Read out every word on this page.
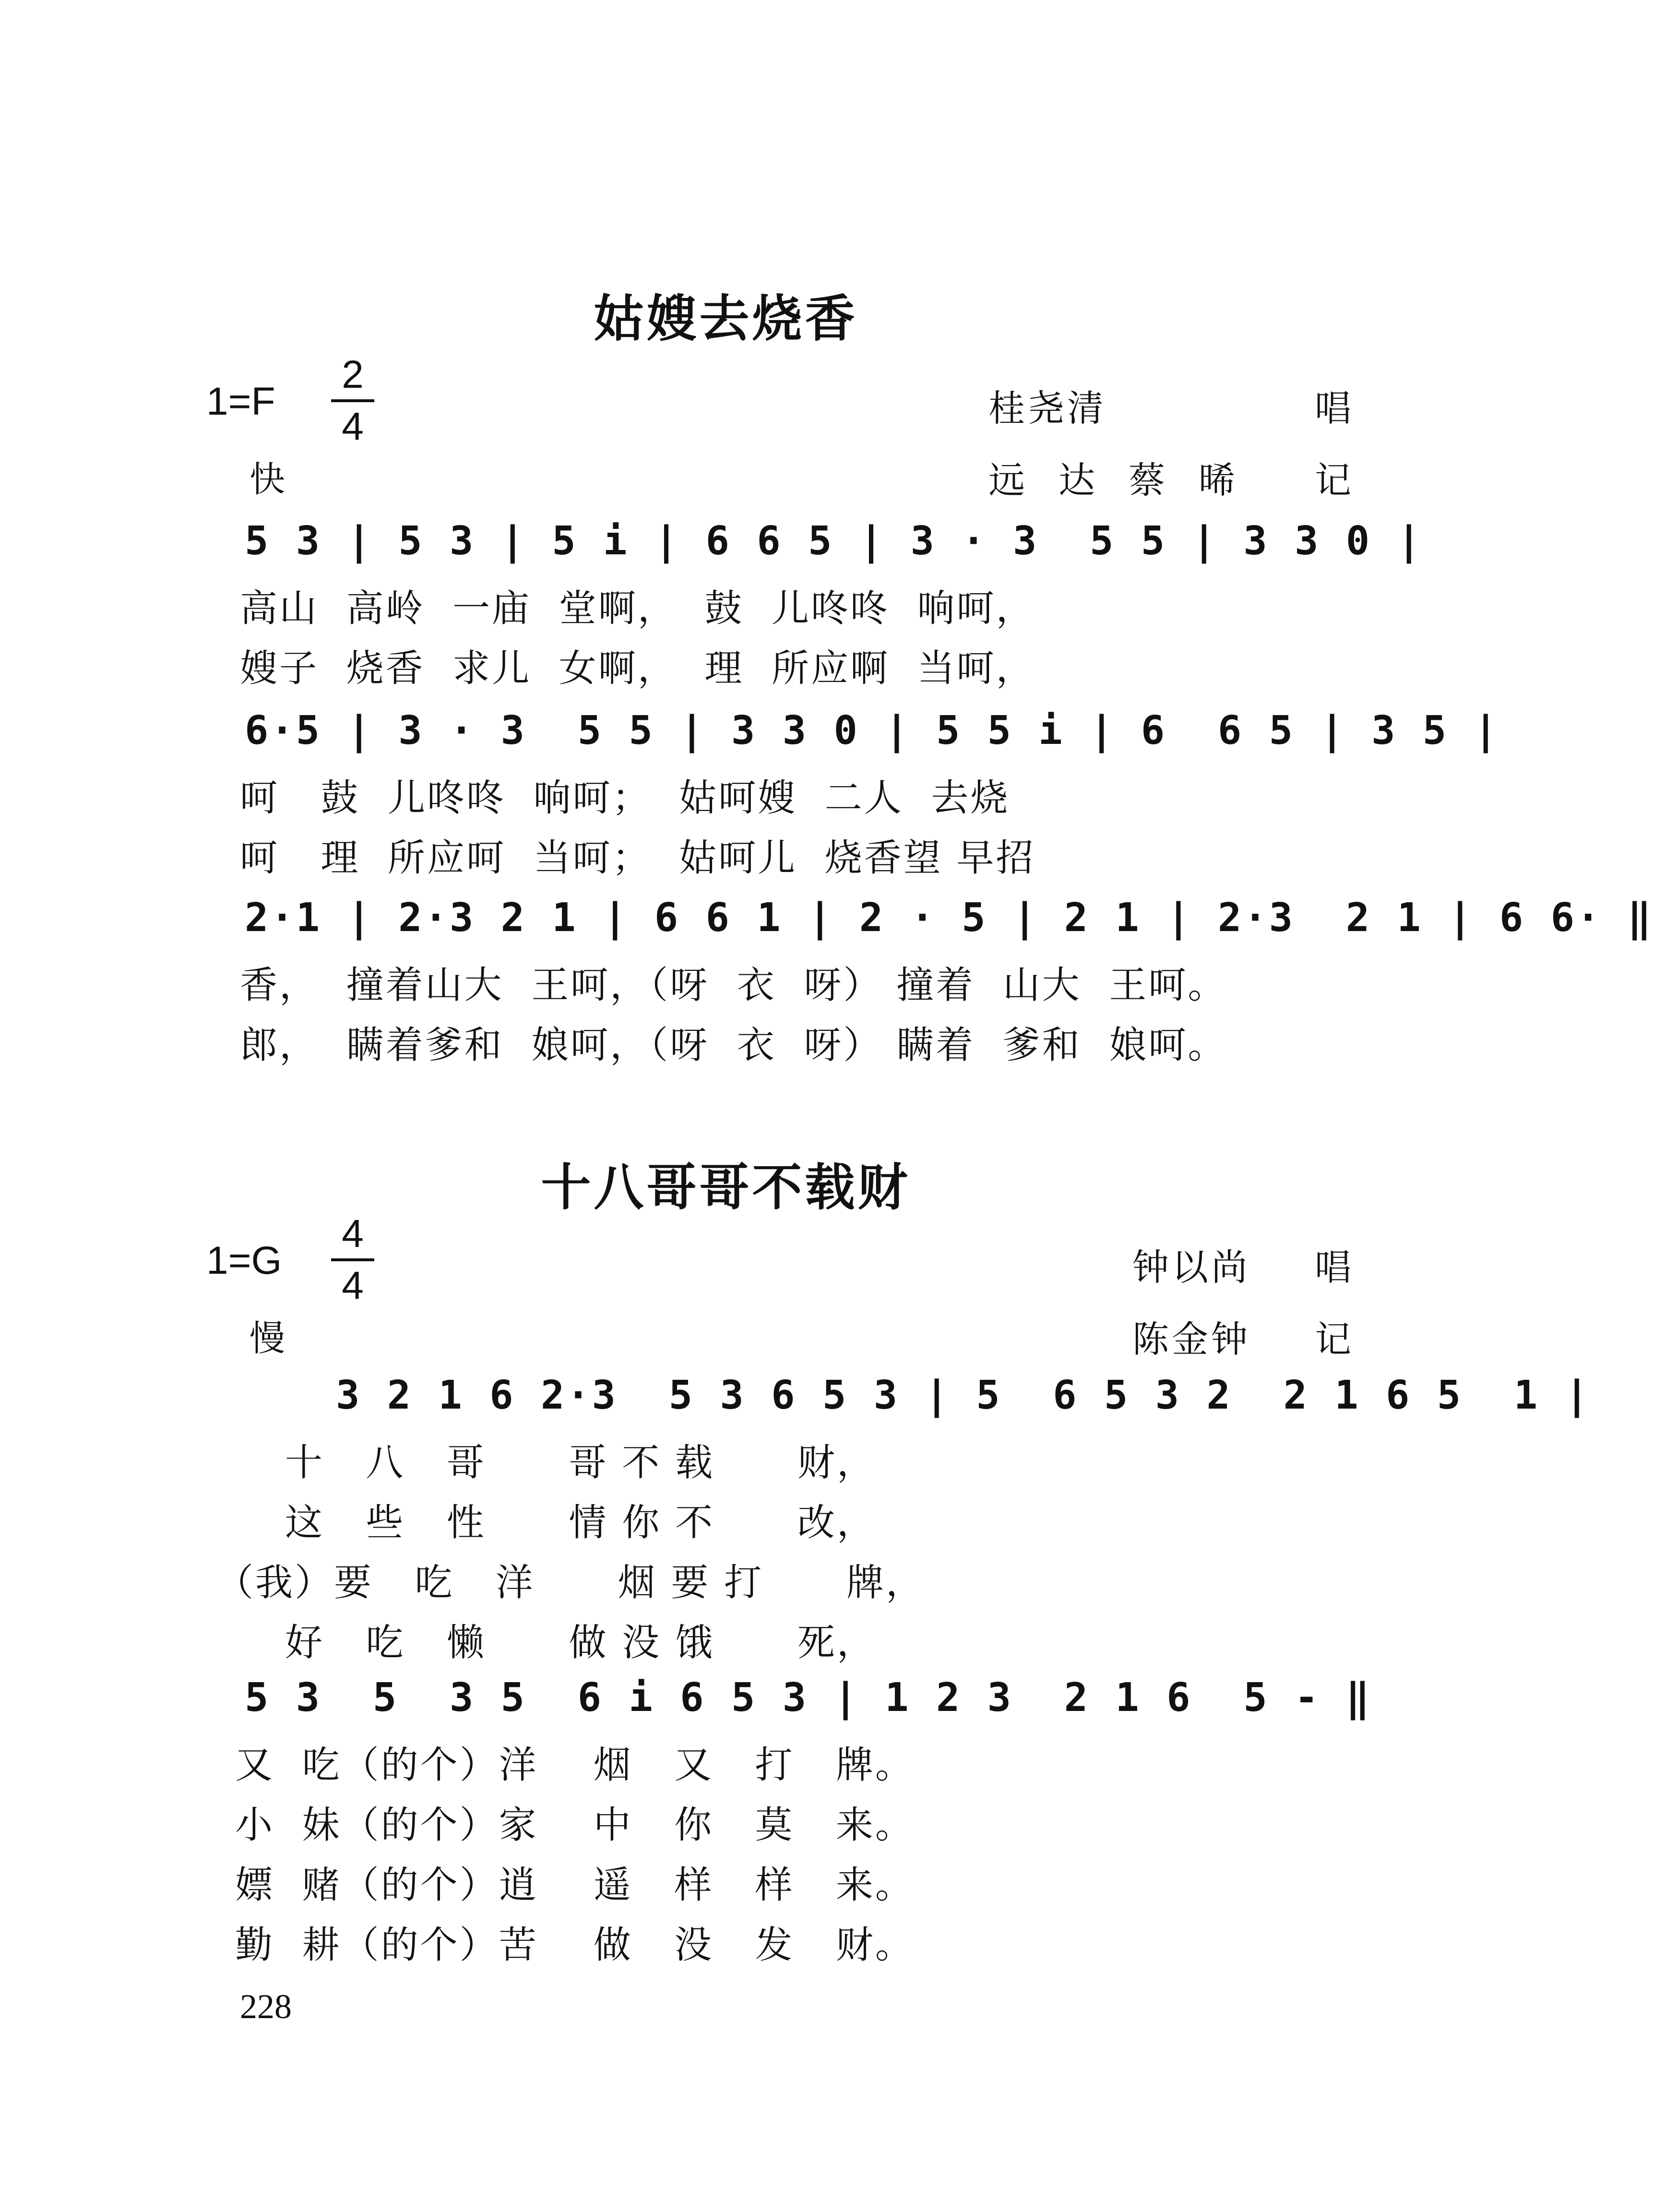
姑嫂去烧香
1=F
2
4	桂尧清	唱
快	远达蔡晞 记
5 3 | 5 3 | 5 i | 6 6 5 | 3 · 3  5 5 | 3 3 0 |
高山  高岭  一庙  堂啊，  鼓  儿咚咚  响呵，
嫂子  烧香  求儿  女啊，  理  所应啊  当呵，
6·5 | 3 · 3  5 5 | 3 3 0 | 5 5 i | 6  6 5 | 3 5 |
呵   鼓  儿咚咚  响呵；  姑呵嫂  二人  去烧
呵   理  所应呵  当呵；  姑呵儿  烧香望 早招
2·1 | 2·3 2 1 | 6 6 1 | 2 · 5 | 2 1 | 2·3  2 1 | 6 6· ‖
香，  撞着山大  王呵，（呀  衣  呀） 撞着  山大  王呵。
郎，  瞒着爹和  娘呵，（呀  衣  呀） 瞒着  爹和  娘呵。
十八哥哥不载财
1=G
4
4	钟以尚 唱
慢	陈金钟 记
3 2 1 6 2·3  5 3 6 5 3 | 5  6 5 3 2  2 1 6 5  1 |
十   八   哥      哥 不 载      财，
这   些   性      情 你 不      改，
（我）要   吃   洋      烟 要 打      牌，
好   吃   懒      做 没 饿      死，
5 3  5  3 5  6 i 6 5 3 | 1 2 3  2 1 6  5 - ‖
又  吃（的个）洋    烟   又   打   牌。
小  妹（的个）家    中   你   莫   来。
嫖  赌（的个）逍    遥   样   样   来。
勤  耕（的个）苦    做   没   发   财。
228
